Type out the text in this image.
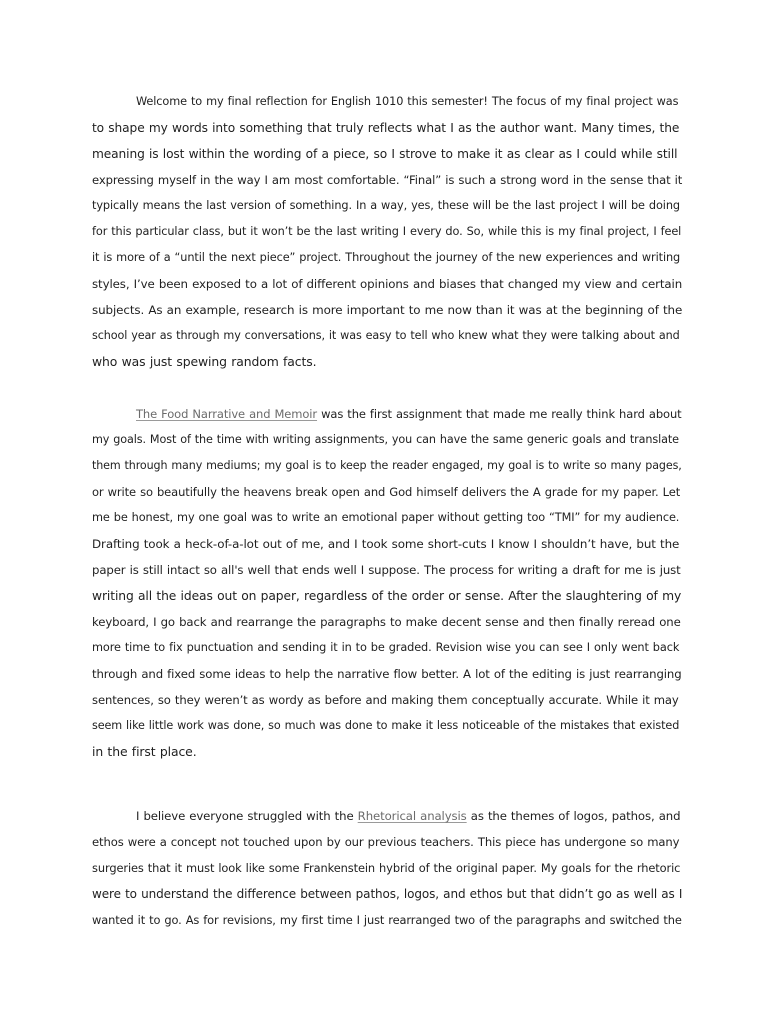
Welcome to my final reflection for English 1010 this semester! The focus of my final project was
to shape my words into something that truly reflects what I as the author want. Many times, the
meaning is lost within the wording of a piece, so I strove to make it as clear as I could while still
expressing myself in the way I am most comfortable. “Final” is such a strong word in the sense that it
typically means the last version of something. In a way, yes, these will be the last project I will be doing
for this particular class, but it won’t be the last writing I every do. So, while this is my final project, I feel
it is more of a “until the next piece” project. Throughout the journey of the new experiences and writing
styles, I’ve been exposed to a lot of different opinions and biases that changed my view and certain
subjects. As an example, research is more important to me now than it was at the beginning of the
school year as through my conversations, it was easy to tell who knew what they were talking about and
who was just spewing random facts.

The Food Narrative and Memoir was the first assignment that made me really think hard about
my goals. Most of the time with writing assignments, you can have the same generic goals and translate
them through many mediums; my goal is to keep the reader engaged, my goal is to write so many pages,
or write so beautifully the heavens break open and God himself delivers the A grade for my paper. Let
me be honest, my one goal was to write an emotional paper without getting too “TMI” for my audience.
Drafting took a heck-of-a-lot out of me, and I took some short-cuts I know I shouldn’t have, but the
paper is still intact so all's well that ends well I suppose. The process for writing a draft for me is just
writing all the ideas out on paper, regardless of the order or sense. After the slaughtering of my
keyboard, I go back and rearrange the paragraphs to make decent sense and then finally reread one
more time to fix punctuation and sending it in to be graded. Revision wise you can see I only went back
through and fixed some ideas to help the narrative flow better. A lot of the editing is just rearranging
sentences, so they weren’t as wordy as before and making them conceptually accurate. While it may
seem like little work was done, so much was done to make it less noticeable of the mistakes that existed
in the first place.

I believe everyone struggled with the Rhetorical analysis as the themes of logos, pathos, and
ethos were a concept not touched upon by our previous teachers. This piece has undergone so many
surgeries that it must look like some Frankenstein hybrid of the original paper. My goals for the rhetoric
were to understand the difference between pathos, logos, and ethos but that didn’t go as well as I
wanted it to go. As for revisions, my first time I just rearranged two of the paragraphs and switched the
